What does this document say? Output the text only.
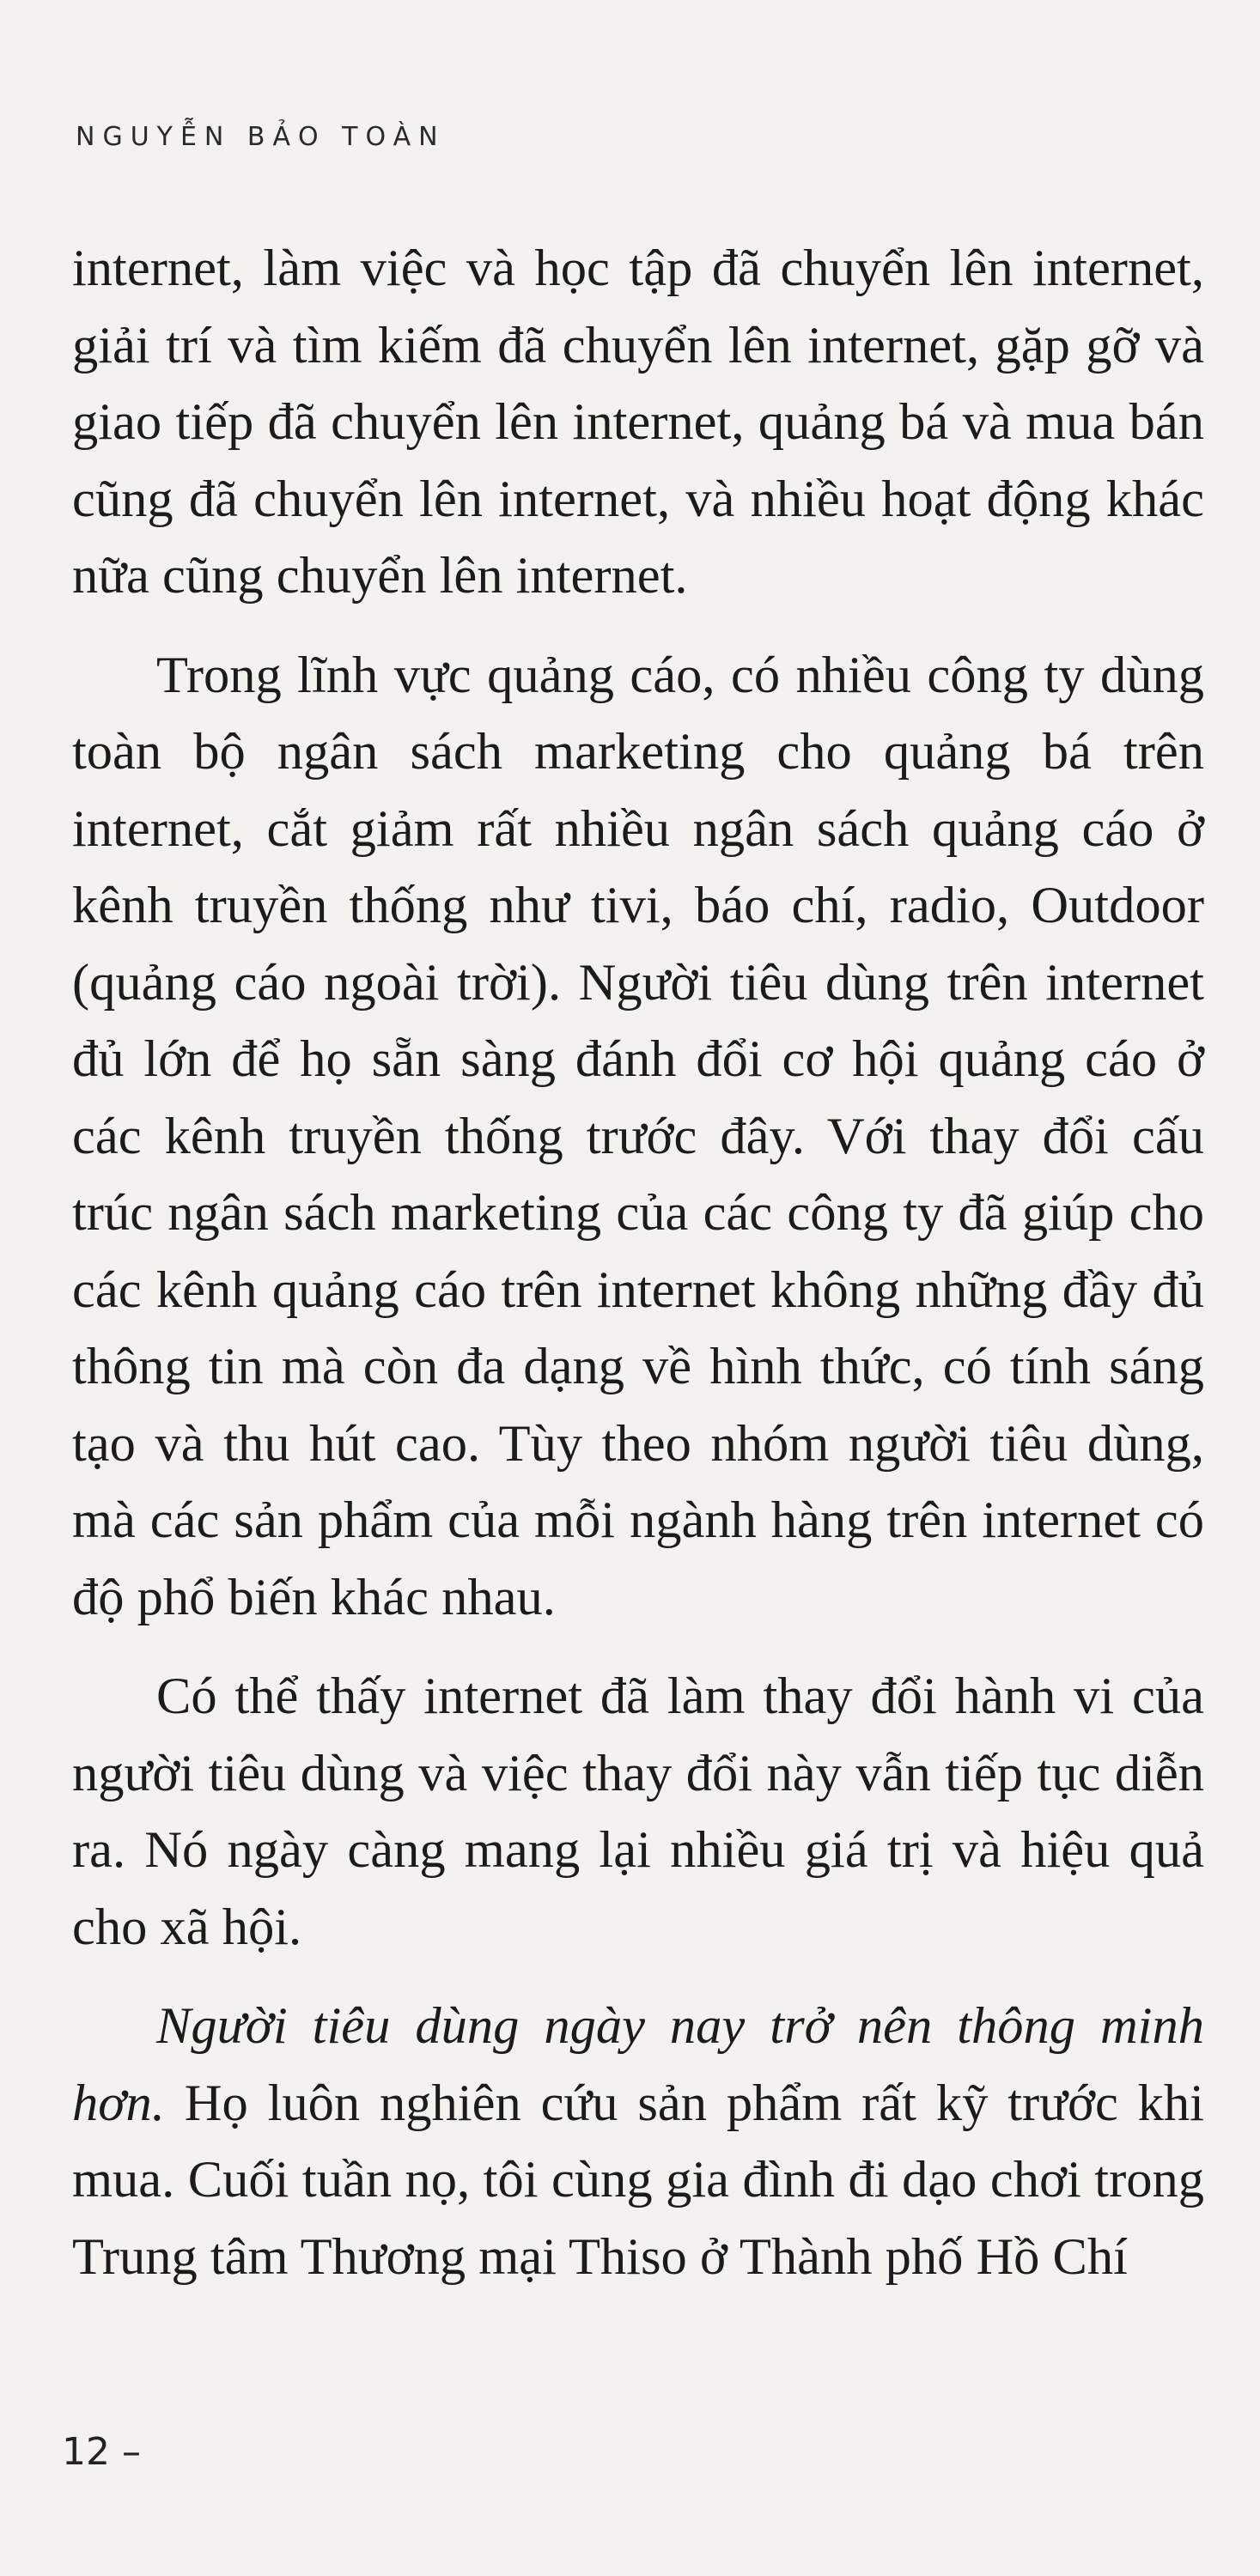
NGUYỄN BẢO TOÀN

internet, làm việc và học tập đã chuyển lên internet, giải trí và tìm kiếm đã chuyển lên internet, gặp gỡ và giao tiếp đã chuyển lên internet, quảng bá và mua bán cũng đã chuyển lên internet, và nhiều hoạt động khác nữa cũng chuyển lên internet.

Trong lĩnh vực quảng cáo, có nhiều công ty dùng toàn bộ ngân sách marketing cho quảng bá trên internet, cắt giảm rất nhiều ngân sách quảng cáo ở kênh truyền thống như tivi, báo chí, radio, Outdoor (quảng cáo ngoài trời). Người tiêu dùng trên internet đủ lớn để họ sẵn sàng đánh đổi cơ hội quảng cáo ở các kênh truyền thống trước đây. Với thay đổi cấu trúc ngân sách marketing của các công ty đã giúp cho các kênh quảng cáo trên internet không những đầy đủ thông tin mà còn đa dạng về hình thức, có tính sáng tạo và thu hút cao. Tùy theo nhóm người tiêu dùng, mà các sản phẩm của mỗi ngành hàng trên internet có độ phổ biến khác nhau.

Có thể thấy internet đã làm thay đổi hành vi của người tiêu dùng và việc thay đổi này vẫn tiếp tục diễn ra. Nó ngày càng mang lại nhiều giá trị và hiệu quả cho xã hội.

Người tiêu dùng ngày nay trở nên thông minh hơn. Họ luôn nghiên cứu sản phẩm rất kỹ trước khi mua. Cuối tuần nọ, tôi cùng gia đình đi dạo chơi trong Trung tâm Thương mại Thiso ở Thành phố Hồ Chí

12 –
